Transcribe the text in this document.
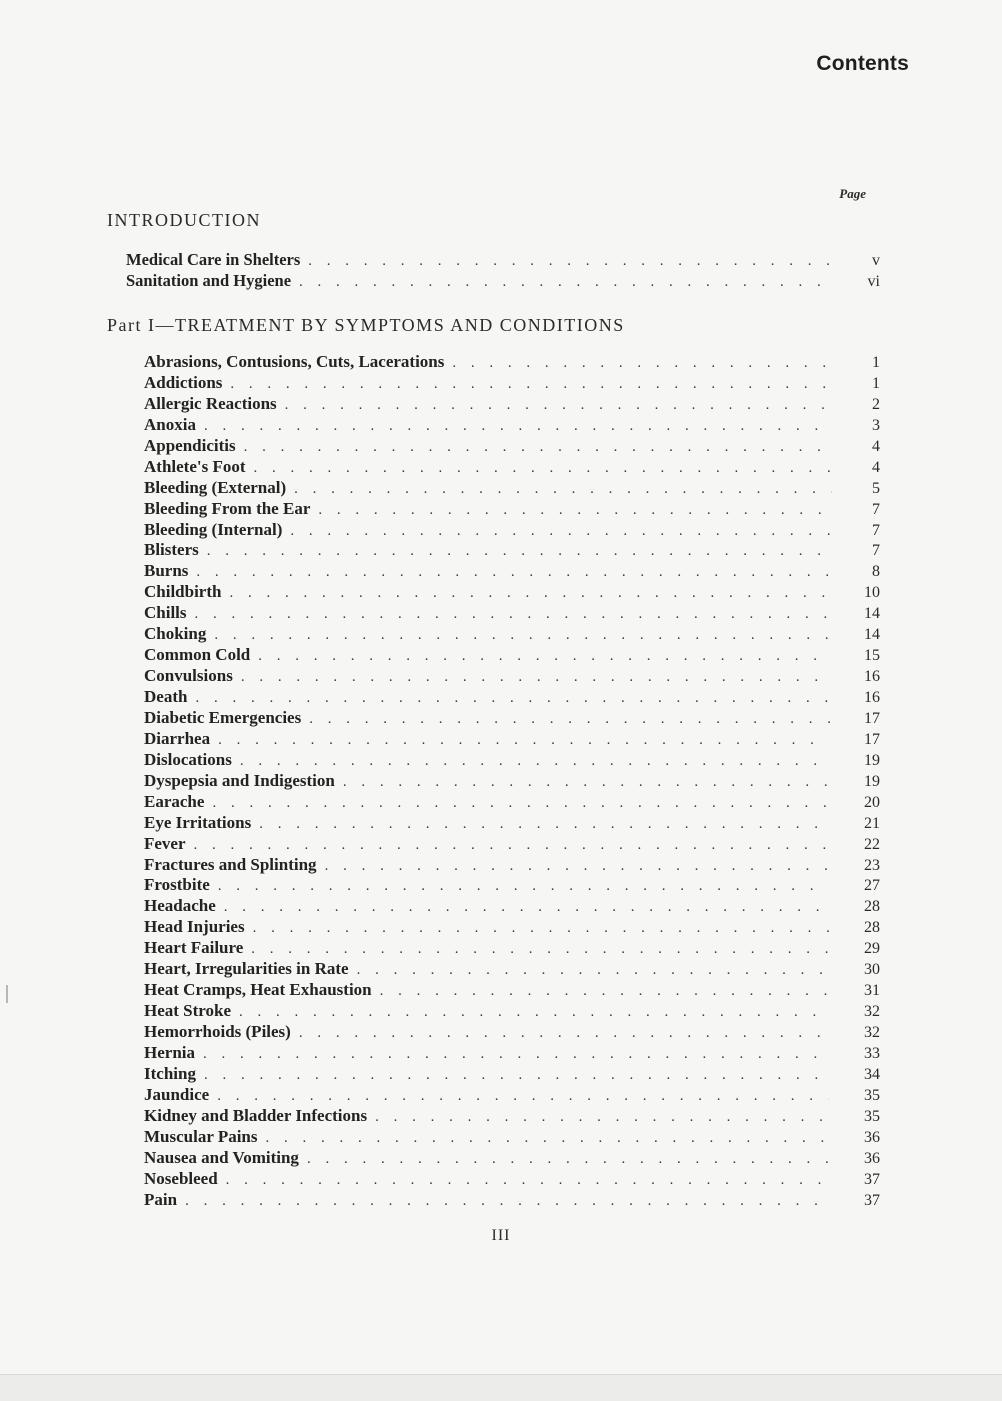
Contents
Page
INTRODUCTION
Medical Care in Shelters . . .	v
Sanitation and Hygiene . . .	vi
Part I—TREATMENT BY SYMPTOMS AND CONDITIONS
Abrasions, Contusions, Cuts, Lacerations . . .	1
Addictions . . .	1
Allergic Reactions . . .	2
Anoxia . . .	3
Appendicitis . . .	4
Athlete's Foot . . .	4
Bleeding (External) . . .	5
Bleeding From the Ear . . .	7
Bleeding (Internal) . . .	7
Blisters . . .	7
Burns . . .	8
Childbirth . . .	10
Chills . . .	14
Choking . . .	14
Common Cold . . .	15
Convulsions . . .	16
Death . . .	16
Diabetic Emergencies . . .	17
Diarrhea . . .	17
Dislocations . . .	19
Dyspepsia and Indigestion . . .	19
Earache . . .	20
Eye Irritations . . .	21
Fever . . .	22
Fractures and Splinting . . .	23
Frostbite . . .	27
Headache . . .	28
Head Injuries . . .	28
Heart Failure . . .	29
Heart, Irregularities in Rate . . .	30
Heat Cramps, Heat Exhaustion . . .	31
Heat Stroke . . .	32
Hemorrhoids (Piles) . . .	32
Hernia . . .	33
Itching . . .	34
Jaundice . . .	35
Kidney and Bladder Infections . . .	35
Muscular Pains . . .	36
Nausea and Vomiting . . .	36
Nosebleed . . .	37
Pain . . .	37
III
